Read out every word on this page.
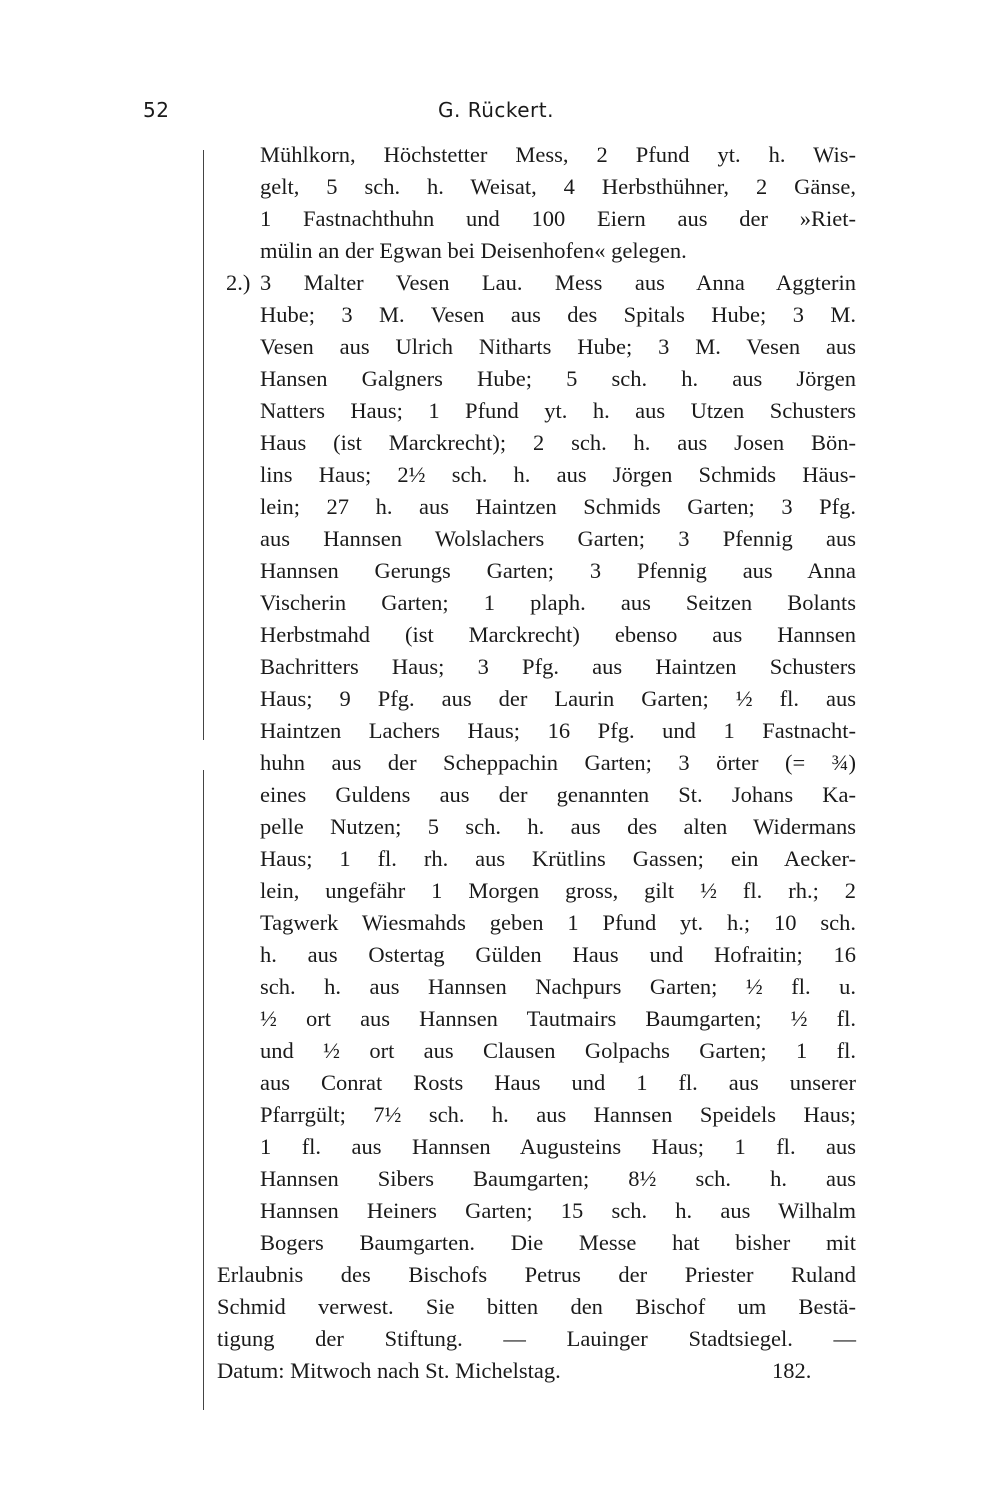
52	G. Rückert.
Mühlkorn, Höchstetter Mess, 2 Pfund yt. h. Wis-
gelt, 5 sch. h. Weisat, 4 Herbsthühner, 2 Gänse,
1 Fastnachthuhn und 100 Eiern aus der »Riet-
mülin an der Egwan bei Deisenhofen« gelegen.
2.) 3 Malter Vesen Lau. Mess aus Anna Aggterin
Hube; 3 M. Vesen aus des Spitals Hube; 3 M.
Vesen aus Ulrich Nitharts Hube; 3 M. Vesen aus
Hansen Galgners Hube; 5 sch. h. aus Jörgen
Natters Haus; 1 Pfund yt. h. aus Utzen Schusters
Haus (ist Marckrecht); 2 sch. h. aus Josen Bön-
lins Haus; 2½ sch. h. aus Jörgen Schmids Häus-
lein; 27 h. aus Haintzen Schmids Garten; 3 Pfg.
aus Hannsen Wolslachers Garten; 3 Pfennig aus
Hannsen Gerungs Garten; 3 Pfennig aus Anna
Vischerin Garten; 1 plaph. aus Seitzen Bolants
Herbstmahd (ist Marckrecht) ebenso aus Hannsen
Bachritters Haus; 3 Pfg. aus Haintzen Schusters
Haus; 9 Pfg. aus der Laurin Garten; ½ fl. aus
Haintzen Lachers Haus; 16 Pfg. und 1 Fastnacht-
huhn aus der Scheppachin Garten; 3 örter (= ¾)
eines Guldens aus der genannten St. Johans Ka-
pelle Nutzen; 5 sch. h. aus des alten Widermans
Haus; 1 fl. rh. aus Krütlins Gassen; ein Aecker-
lein, ungefähr 1 Morgen gross, gilt ½ fl. rh.; 2
Tagwerk Wiesmahds geben 1 Pfund yt. h.; 10 sch.
h. aus Ostertag Gülden Haus und Hofraitin; 16
sch. h. aus Hannsen Nachpurs Garten; ½ fl. u.
½ ort aus Hannsen Tautmairs Baumgarten; ½ fl.
und ½ ort aus Clausen Golpachs Garten; 1 fl.
aus Conrat Rosts Haus und 1 fl. aus unserer
Pfarrgült; 7½ sch. h. aus Hannsen Speidels Haus;
1 fl. aus Hannsen Augusteins Haus; 1 fl. aus
Hannsen Sibers Baumgarten; 8½ sch. h. aus
Hannsen Heiners Garten; 15 sch. h. aus Wilhalm
Bogers Baumgarten. Die Messe hat bisher mit
Erlaubnis des Bischofs Petrus der Priester Ruland
Schmid verwest. Sie bitten den Bischof um Bestä-
tigung der Stiftung. — Lauinger Stadtsiegel. —
Datum: Mitwoch nach St. Michelstag.	182.
